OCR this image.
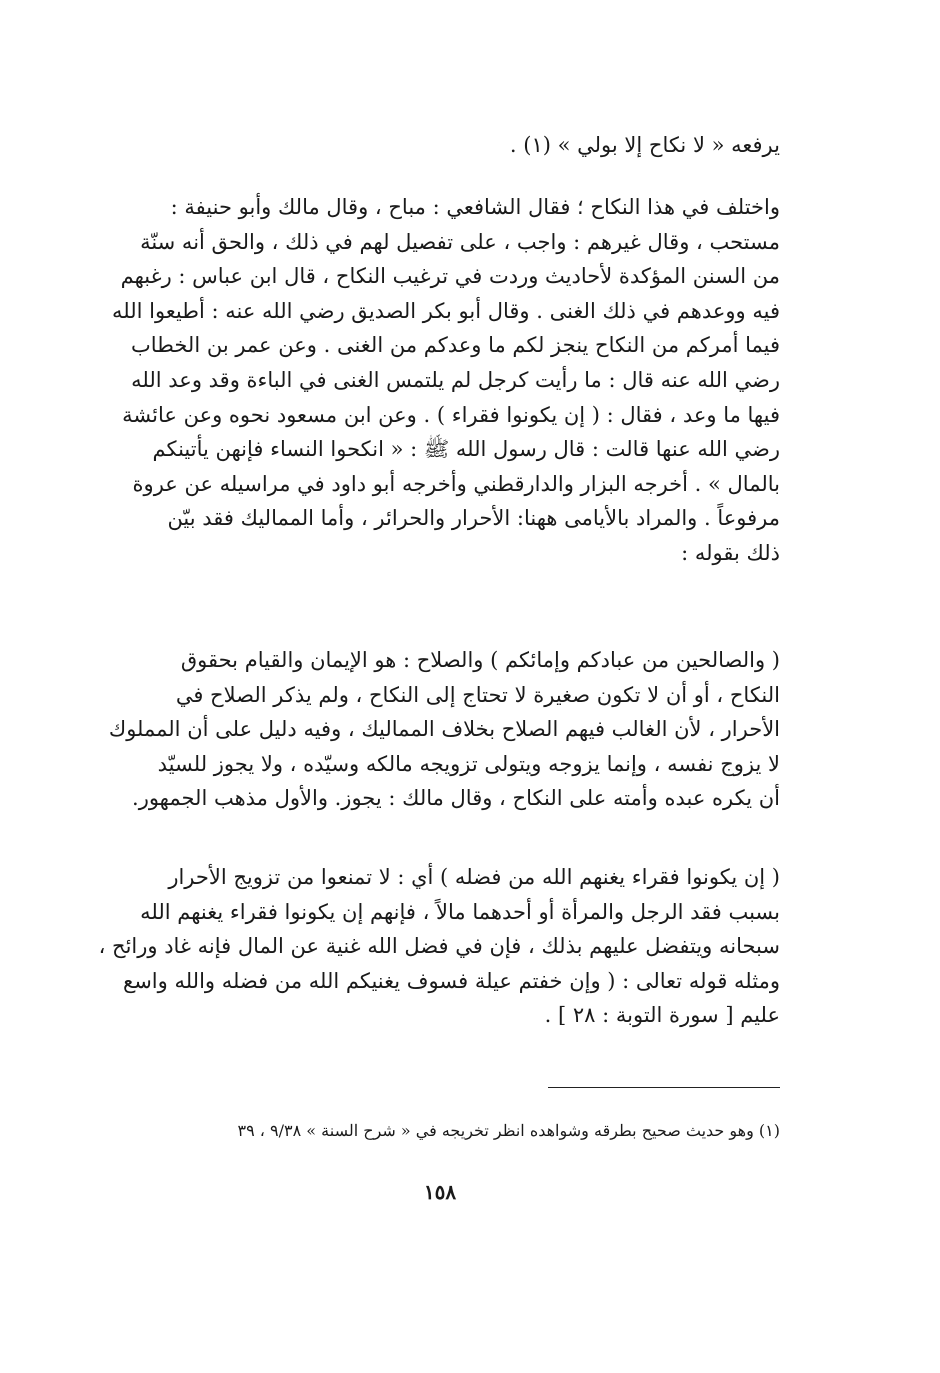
يرفعه « لا نكاح إلا بولي » (١) .

واختلف في هذا النكاح ؛ فقال الشافعي : مباح ، وقال مالك وأبو حنيفة :
مستحب ، وقال غيرهم : واجب ، على تفصيل لهم في ذلك ، والحق أنه سنّة
من السنن المؤكدة لأحاديث وردت في ترغيب النكاح ، قال ابن عباس : رغبهم
فيه ووعدهم في ذلك الغنى . وقال أبو بكر الصديق رضي الله عنه : أطيعوا الله
فيما أمركم من النكاح ينجز لكم ما وعدكم من الغنى . وعن عمر بن الخطاب
رضي الله عنه قال : ما رأيت كرجل لم يلتمس الغنى في الباءة وقد وعد الله
فيها ما وعد ، فقال : ( إن يكونوا فقراء ) . وعن ابن مسعود نحوه وعن عائشة
رضي الله عنها قالت : قال رسول الله ﷺ : « انكحوا النساء فإنهن يأتينكم
بالمال » . أخرجه البزار والدارقطني وأخرجه أبو داود في مراسيله عن عروة
مرفوعاً . والمراد بالأيامى ههنا: الأحرار والحرائر ، وأما المماليك فقد بيّن
ذلك بقوله :

( والصالحين من عبادكم وإمائكم ) والصلاح : هو الإيمان والقيام بحقوق
النكاح ، أو أن لا تكون صغيرة لا تحتاج إلى النكاح ، ولم يذكر الصلاح في
الأحرار ، لأن الغالب فيهم الصلاح بخلاف المماليك ، وفيه دليل على أن المملوك
لا يزوج نفسه ، وإنما يزوجه ويتولى تزويجه مالكه وسيّده ، ولا يجوز للسيّد
أن يكره عبده وأمته على النكاح ، وقال مالك : يجوز. والأول مذهب الجمهور.

( إن يكونوا فقراء يغنهم الله من فضله ) أي : لا تمنعوا من تزويج الأحرار
بسبب فقد الرجل والمرأة أو أحدهما مالاً ، فإنهم إن يكونوا فقراء يغنهم الله
سبحانه ويتفضل عليهم بذلك ، فإن في فضل الله غنية عن المال فإنه غاد ورائح ،
ومثله قوله تعالى : ( وإن خفتم عيلة فسوف يغنيكم الله من فضله والله واسع
عليم [ سورة التوبة : ٢٨ ] .

(١) وهو حديث صحيح بطرقه وشواهده انظر تخريجه في « شرح السنة » ٩/٣٨ ، ٣٩
١٥٨
